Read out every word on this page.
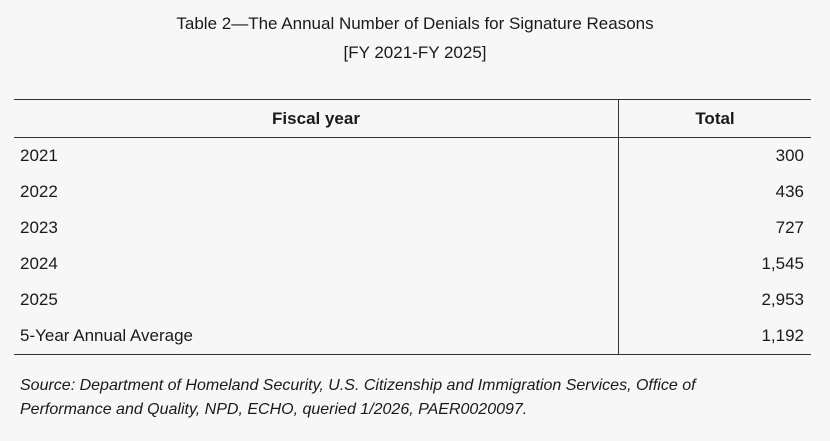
Table 2—The Annual Number of Denials for Signature Reasons
[FY 2021-FY 2025]
Fiscal year	Total
2021	300
2022	436
2023	727
2024	1,545
2025	2,953
5-Year Annual Average	1,192
Source: Department of Homeland Security, U.S. Citizenship and Immigration Services, Office of
Performance and Quality, NPD, ECHO, queried 1/2026, PAER0020097.
